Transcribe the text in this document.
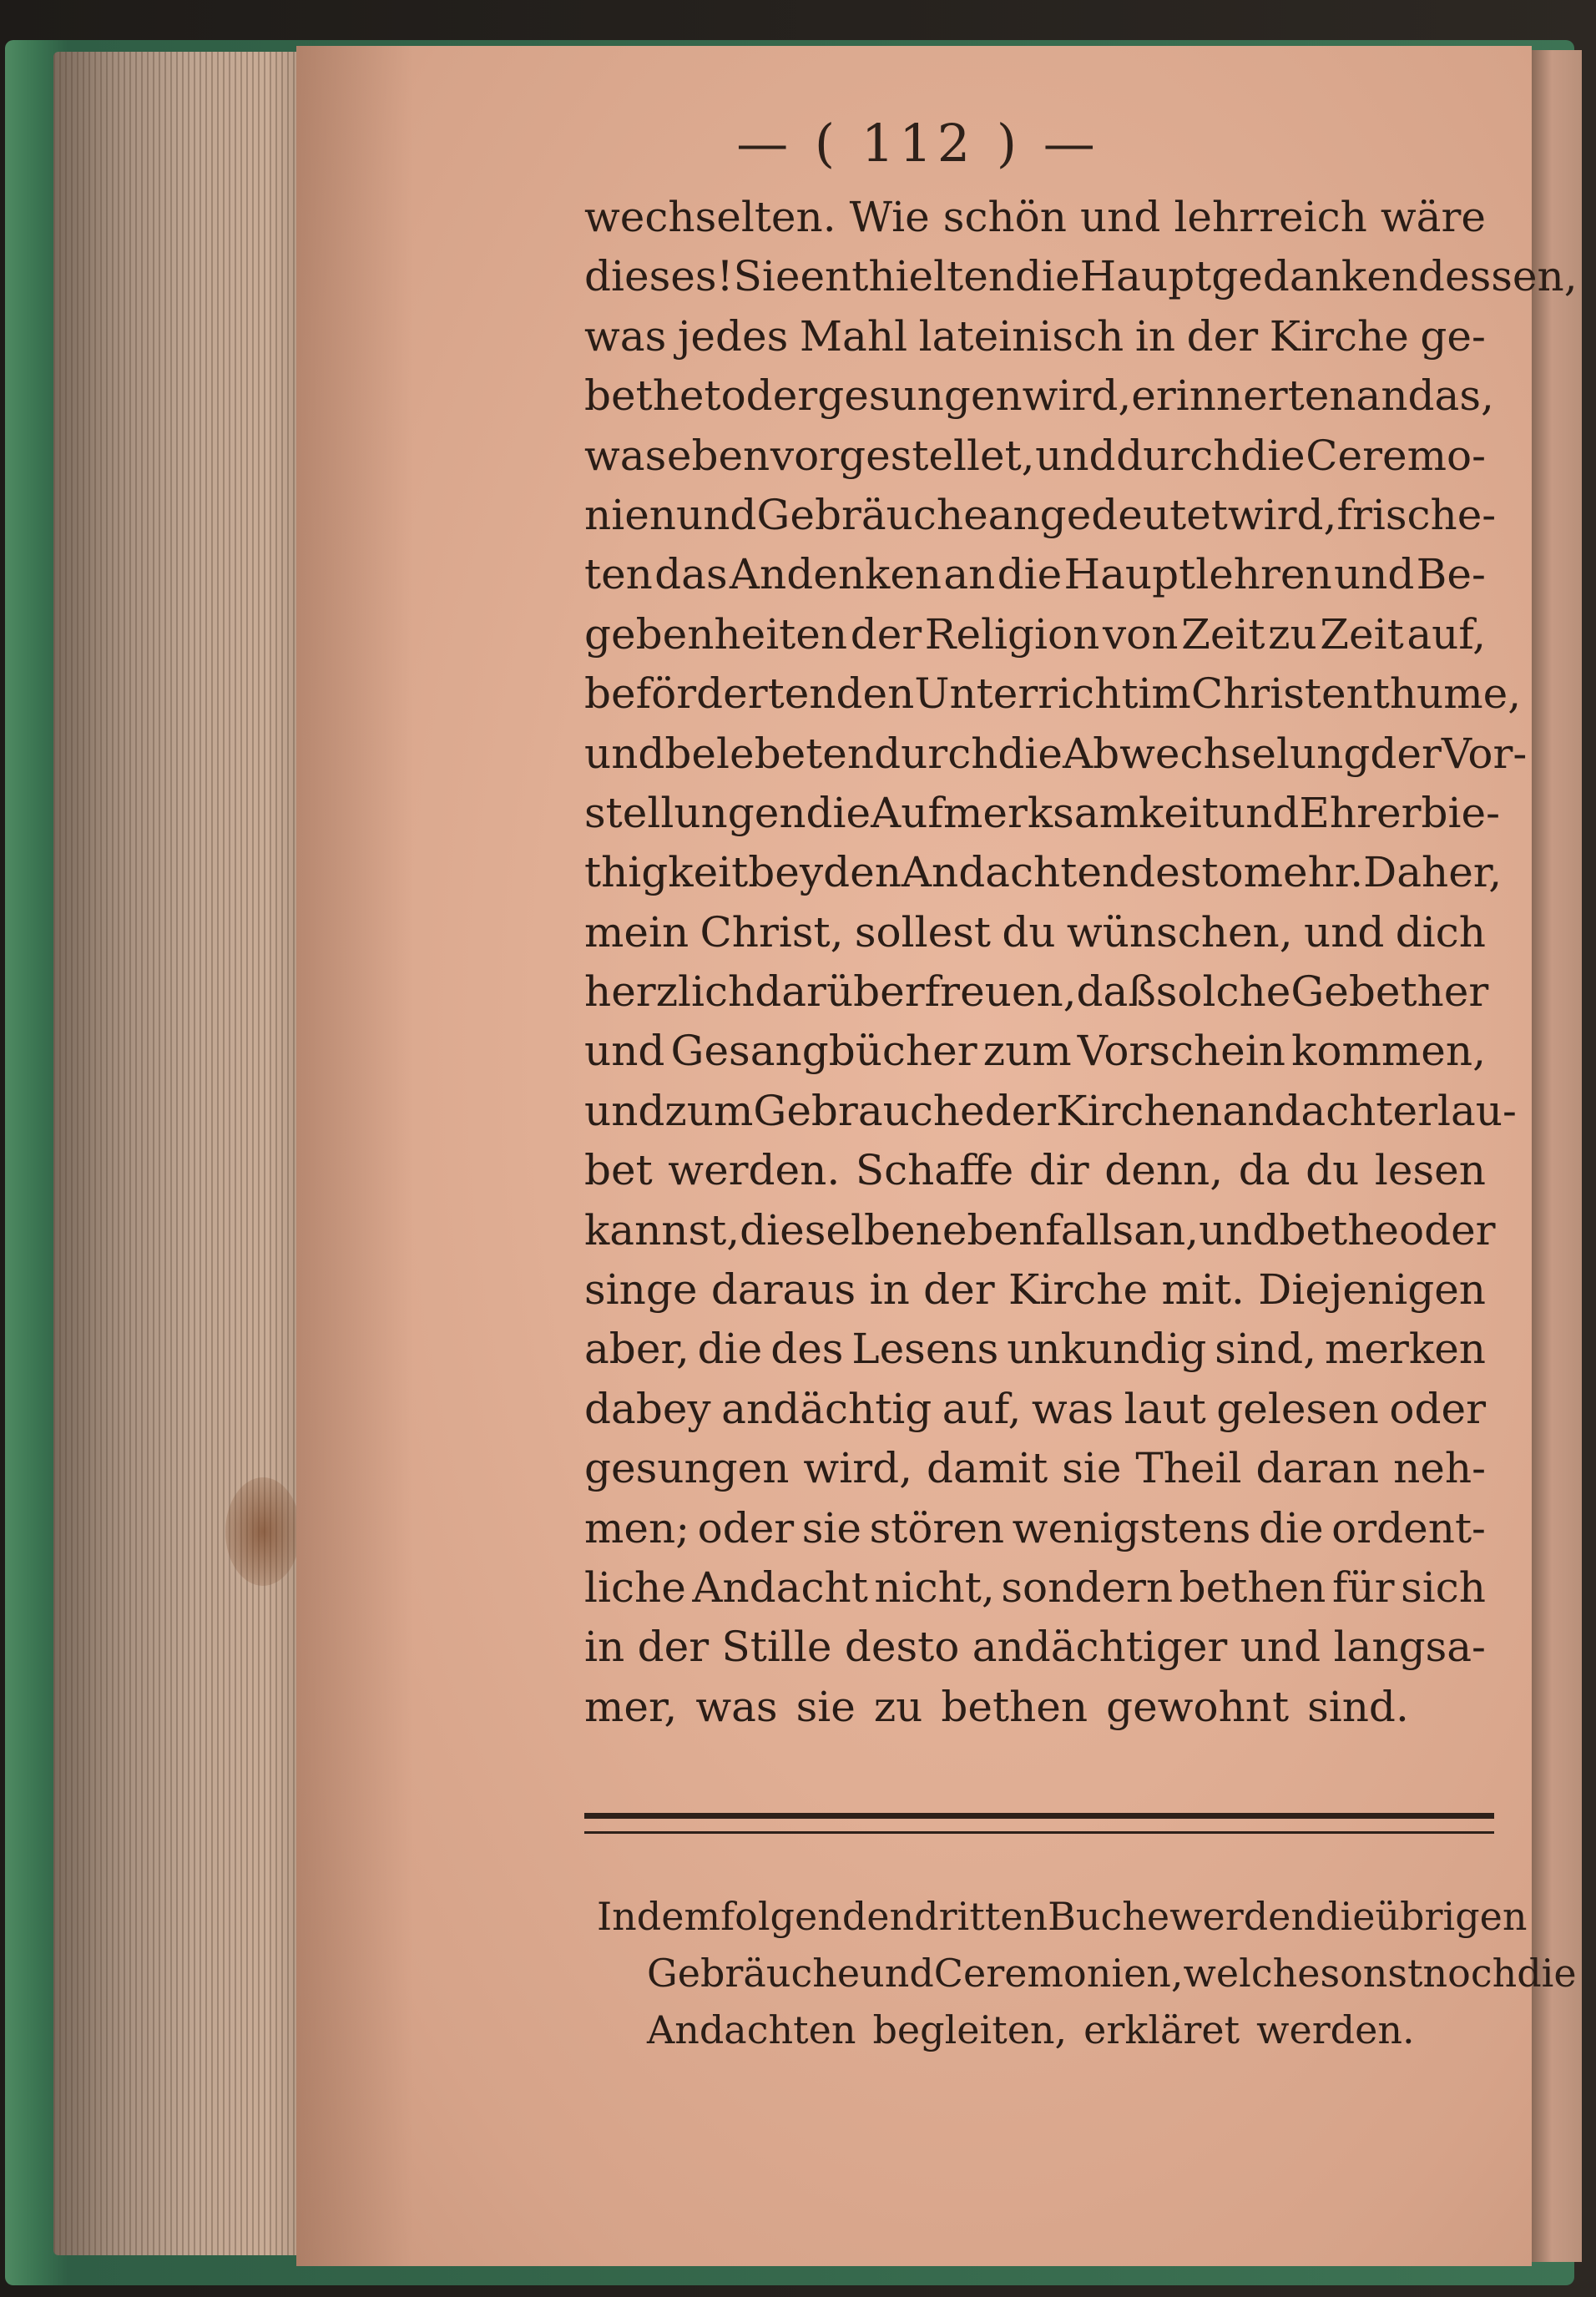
— ( 112 ) —
wechselten. Wie schön und lehrreich wäre
dieses! Sie enthielten die Hauptgedanken dessen,
was jedes Mahl lateinisch in der Kirche ge-
bethet oder gesungen wird, erinnerten an das,
was eben vorgestellet, und durch die Ceremo-
nien und Gebräuche angedeutet wird, frische-
ten das Andenken an die Hauptlehren und Be-
gebenheiten der Religion von Zeit zu Zeit auf,
beförderten den Unterricht im Christenthume,
und belebeten durch die Abwechselung der Vor-
stellungen die Aufmerksamkeit und Ehrerbie-
thigkeit bey den Andachten desto mehr. Daher,
mein Christ, sollest du wünschen, und dich
herzlich darüber freuen, daß solche Gebether
und Gesangbücher zum Vorschein kommen,
und zum Gebrauche der Kirchenandacht erlau-
bet werden. Schaffe dir denn, da du lesen
kannst, dieselben ebenfalls an, und bethe oder
singe daraus in der Kirche mit. Diejenigen
aber, die des Lesens unkundig sind, merken
dabey andächtig auf, was laut gelesen oder
gesungen wird, damit sie Theil daran neh-
men; oder sie stören wenigstens die ordent-
liche Andacht nicht, sondern bethen für sich
in der Stille desto andächtiger und langsa-
mer, was sie zu bethen gewohnt sind.
In dem folgenden dritten Buche werden die übrigen
Gebräuche und Ceremonien, welche sonst noch die
Andachten begleiten, erkläret werden.
